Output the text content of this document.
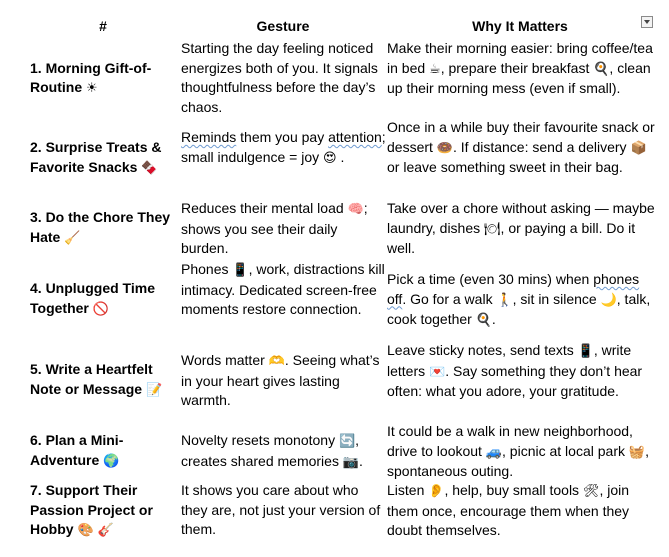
#	Gesture	Why It Matters
1. Morning Gift-of-Routine ☀
Starting the day feeling noticed energizes both of you. It signals thoughtfulness before the day’s chaos.
Make their morning easier: bring coffee/tea in bed ☕, prepare their breakfast 🍳, clean up their morning mess (even if small).
2. Surprise Treats & Favorite Snacks 🍫
Reminds them you pay attention; small indulgence = joy 😍 .
Once in a while buy their favourite snack or dessert 🍩. If distance: send a delivery 📦 or leave something sweet in their bag.
3. Do the Chore They Hate 🧹
Reduces their mental load 🧠; shows you see their daily burden.
Take over a chore without asking — maybe laundry, dishes 🍽, or paying a bill. Do it well.
4. Unplugged Time Together 🚫
Phones 📱, work, distractions kill intimacy. Dedicated screen-free moments restore connection.
Pick a time (even 30 mins) when phones off. Go for a walk 🚶, sit in silence 🌙, talk, cook together 🍳.
5. Write a Heartfelt Note or Message 📝
Words matter 🫶. Seeing what’s in your heart gives lasting warmth.
Leave sticky notes, send texts 📱, write letters 💌. Say something they don’t hear often: what you adore, your gratitude.
6. Plan a Mini-Adventure 🌍
Novelty resets monotony 🔄, creates shared memories 📷.
It could be a walk in new neighborhood, drive to lookout 🚙, picnic at local park 🧺, spontaneous outing.
7. Support Their Passion Project or Hobby 🎨 🎸
It shows you care about who they are, not just your version of them.
Listen 👂, help, buy small tools 🛠, join them once, encourage them when they doubt themselves.
